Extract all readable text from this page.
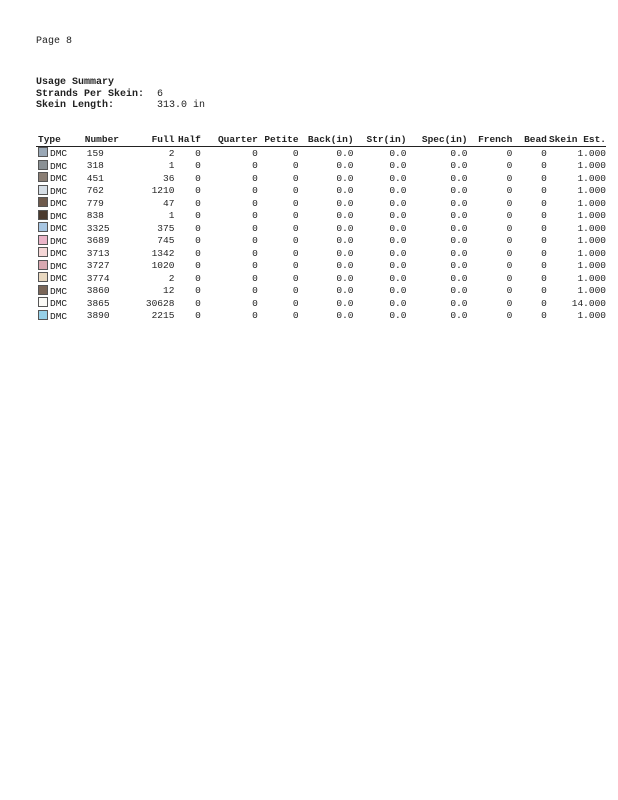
Page 8
Usage Summary
Strands Per Skein:	6
Skein Length:	313.0 in
Type	Number	Full	Half	Quarter	Petite	Back(in)	Str(in)	Spec(in)	French	Bead	Skein Est.
DMC	159	2	0	0	0	0.0	0.0	0.0	0	0	1.000
DMC	318	1	0	0	0	0.0	0.0	0.0	0	0	1.000
DMC	451	36	0	0	0	0.0	0.0	0.0	0	0	1.000
DMC	762	1210	0	0	0	0.0	0.0	0.0	0	0	1.000
DMC	779	47	0	0	0	0.0	0.0	0.0	0	0	1.000
DMC	838	1	0	0	0	0.0	0.0	0.0	0	0	1.000
DMC	3325	375	0	0	0	0.0	0.0	0.0	0	0	1.000
DMC	3689	745	0	0	0	0.0	0.0	0.0	0	0	1.000
DMC	3713	1342	0	0	0	0.0	0.0	0.0	0	0	1.000
DMC	3727	1020	0	0	0	0.0	0.0	0.0	0	0	1.000
DMC	3774	2	0	0	0	0.0	0.0	0.0	0	0	1.000
DMC	3860	12	0	0	0	0.0	0.0	0.0	0	0	1.000
DMC	3865	30628	0	0	0	0.0	0.0	0.0	0	0	14.000
DMC	3890	2215	0	0	0	0.0	0.0	0.0	0	0	1.000
